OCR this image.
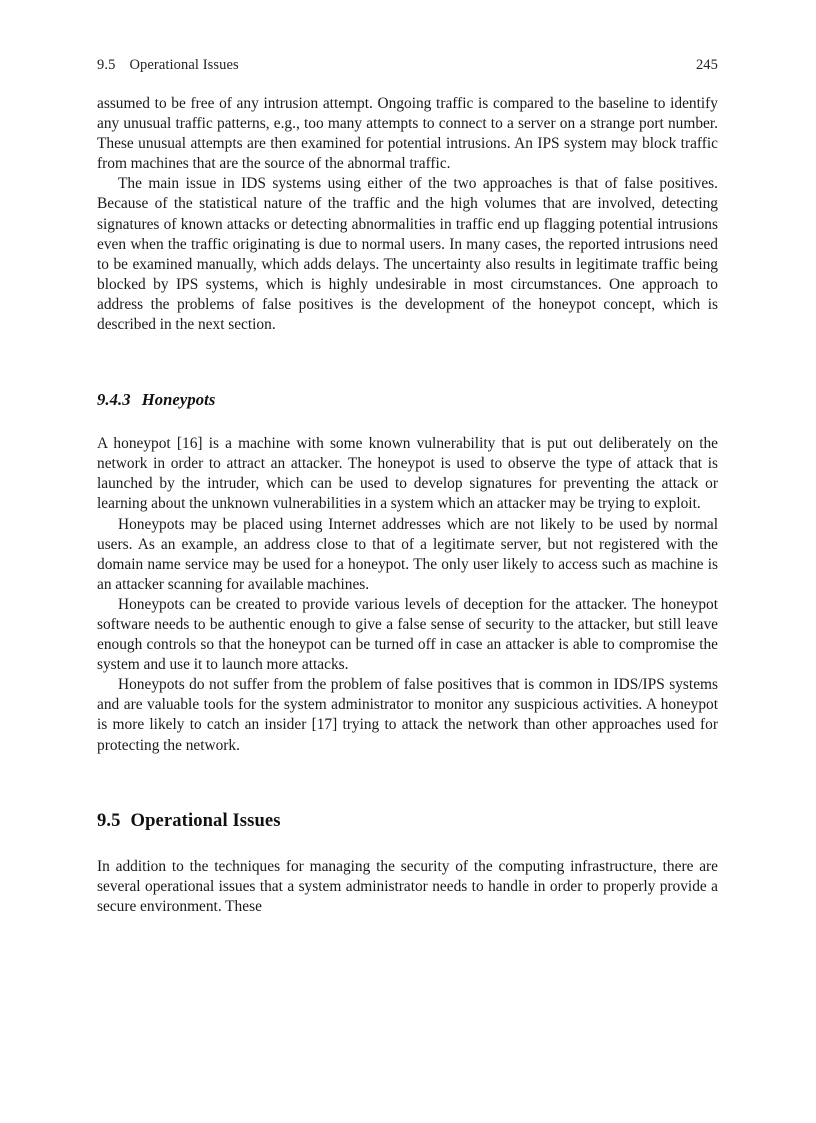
9.5 Operational Issues	245

assumed to be free of any intrusion attempt. Ongoing traffic is compared to the baseline to identify any unusual traffic patterns, e.g., too many attempts to connect to a server on a strange port number. These unusual attempts are then examined for potential intrusions. An IPS system may block traffic from machines that are the source of the abnormal traffic.

The main issue in IDS systems using either of the two approaches is that of false positives. Because of the statistical nature of the traffic and the high volumes that are involved, detecting signatures of known attacks or detecting abnormalities in traffic end up flagging potential intrusions even when the traffic originating is due to normal users. In many cases, the reported intrusions need to be examined manually, which adds delays. The uncertainty also results in legitimate traffic being blocked by IPS systems, which is highly undesirable in most circumstances. One approach to address the problems of false positives is the development of the honeypot concept, which is described in the next section.

9.4.3 Honeypots

A honeypot [16] is a machine with some known vulnerability that is put out deliberately on the network in order to attract an attacker. The honeypot is used to observe the type of attack that is launched by the intruder, which can be used to develop signatures for preventing the attack or learning about the unknown vulnerabilities in a system which an attacker may be trying to exploit.

Honeypots may be placed using Internet addresses which are not likely to be used by normal users. As an example, an address close to that of a legitimate server, but not registered with the domain name service may be used for a honeypot. The only user likely to access such as machine is an attacker scanning for available machines.

Honeypots can be created to provide various levels of deception for the attacker. The honeypot software needs to be authentic enough to give a false sense of security to the attacker, but still leave enough controls so that the honeypot can be turned off in case an attacker is able to compromise the system and use it to launch more attacks.

Honeypots do not suffer from the problem of false positives that is common in IDS/IPS systems and are valuable tools for the system administrator to monitor any suspicious activities. A honeypot is more likely to catch an insider [17] trying to attack the network than other approaches used for protecting the network.

9.5 Operational Issues

In addition to the techniques for managing the security of the computing infrastructure, there are several operational issues that a system administrator needs to handle in order to properly provide a secure environment. These
